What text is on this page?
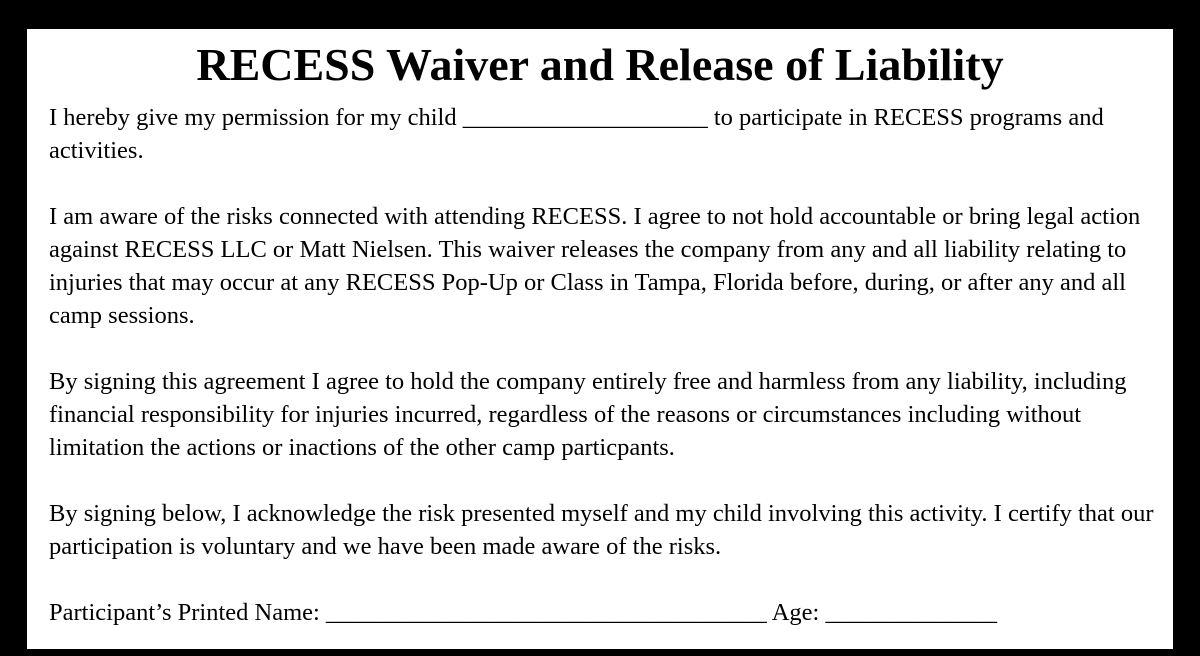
RECESS Waiver and Release of Liability

I hereby give my permission for my child ____________________ to participate in RECESS programs and activities.

I am aware of the risks connected with attending RECESS. I agree to not hold accountable or bring legal action against RECESS LLC or Matt Nielsen. This waiver releases the company from any and all liability relating to injuries that may occur at any RECESS Pop-Up or Class in Tampa, Florida before, during, or after any and all camp sessions.

By signing this agreement I agree to hold the company entirely free and harmless from any liability, including financial responsibility for injuries incurred, regardless of the reasons or circumstances including without limitation the actions or inactions of the other camp particpants.

By signing below, I acknowledge the risk presented myself and my child involving this activity. I certify that our participation is voluntary and we have been made aware of the risks.

Participant’s Printed Name: ____________________________________ Age: ______________
